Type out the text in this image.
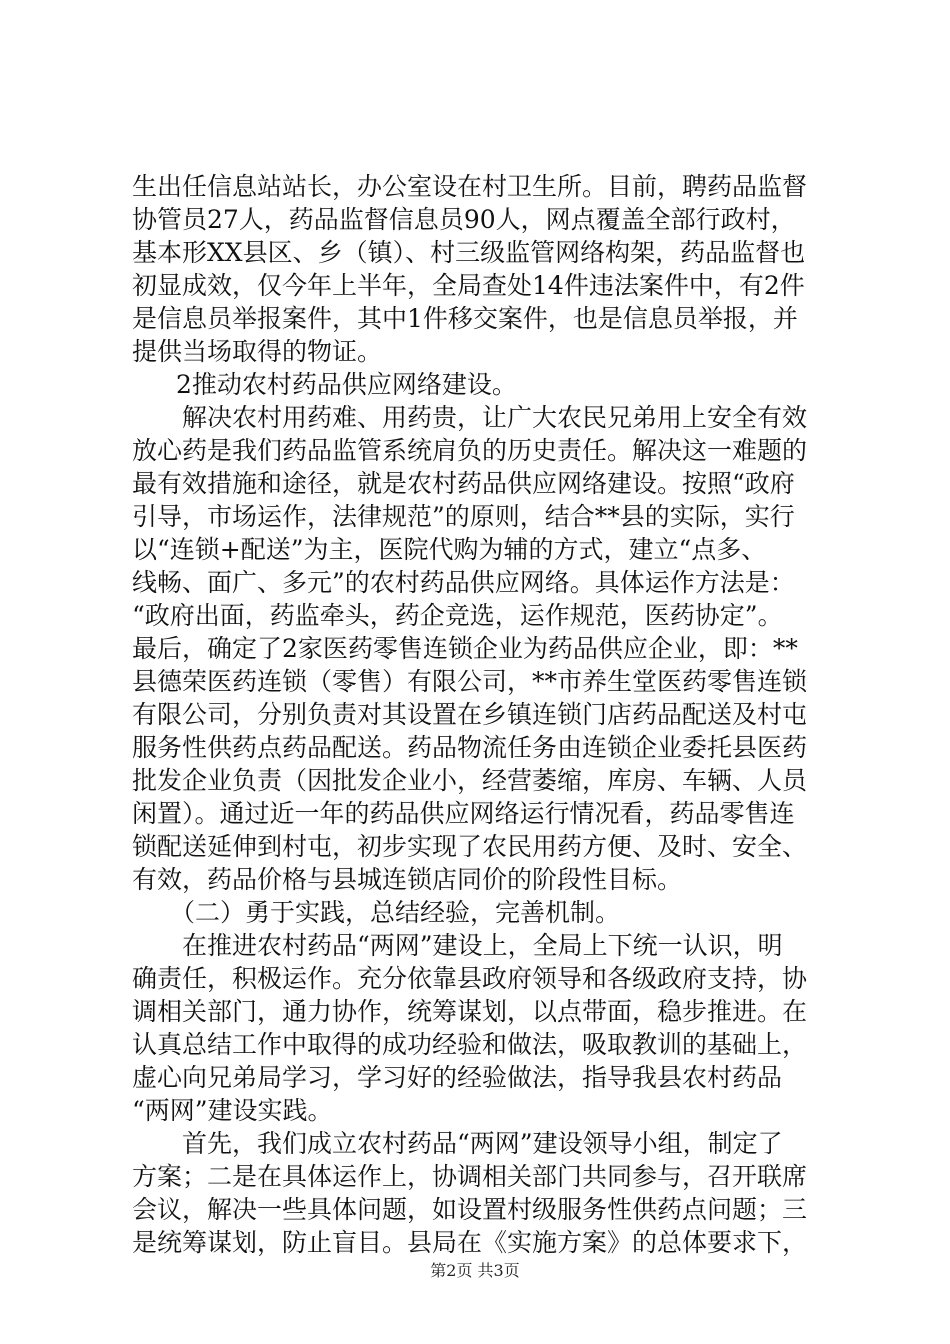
生出任信息站站长，办公室设在村卫生所。目前，聘药品监督
协管员27人，药品监督信息员90人，网点覆盖全部行政村，
基本形XX县区、乡（镇）、村三级监管网络构架，药品监督也
初显成效，仅今年上半年，全局查处14件违法案件中，有2件
是信息员举报案件，其中1件移交案件，也是信息员举报，并
提供当场取得的物证。
2推动农村药品供应网络建设。
解决农村用药难、用药贵，让广大农民兄弟用上安全有效
放心药是我们药品监管系统肩负的历史责任。解决这一难题的
最有效措施和途径，就是农村药品供应网络建设。按照“政府
引导，市场运作，法律规范”的原则，结合**县的实际，实行
以“连锁+配送”为主，医院代购为辅的方式，建立“点多、
线畅、面广、多元”的农村药品供应网络。具体运作方法是：
“政府出面，药监牵头，药企竞选，运作规范，医药协定”。
最后，确定了2家医药零售连锁企业为药品供应企业，即：**
县德荣医药连锁（零售）有限公司，**市养生堂医药零售连锁
有限公司，分别负责对其设置在乡镇连锁门店药品配送及村屯
服务性供药点药品配送。药品物流任务由连锁企业委托县医药
批发企业负责（因批发企业小，经营萎缩，库房、车辆、人员
闲置）。通过近一年的药品供应网络运行情况看，药品零售连
锁配送延伸到村屯，初步实现了农民用药方便、及时、安全、
有效，药品价格与县城连锁店同价的阶段性目标。
（二）勇于实践，总结经验，完善机制。
在推进农村药品“两网”建设上，全局上下统一认识，明
确责任，积极运作。充分依靠县政府领导和各级政府支持，协
调相关部门，通力协作，统筹谋划，以点带面，稳步推进。在
认真总结工作中取得的成功经验和做法，吸取教训的基础上，
虚心向兄弟局学习，学习好的经验做法，指导我县农村药品
“两网”建设实践。
首先，我们成立农村药品“两网”建设领导小组，制定了
方案；二是在具体运作上，协调相关部门共同参与，召开联席
会议，解决一些具体问题，如设置村级服务性供药点问题；三
是统筹谋划，防止盲目。县局在《实施方案》的总体要求下，
第2页 共3页
